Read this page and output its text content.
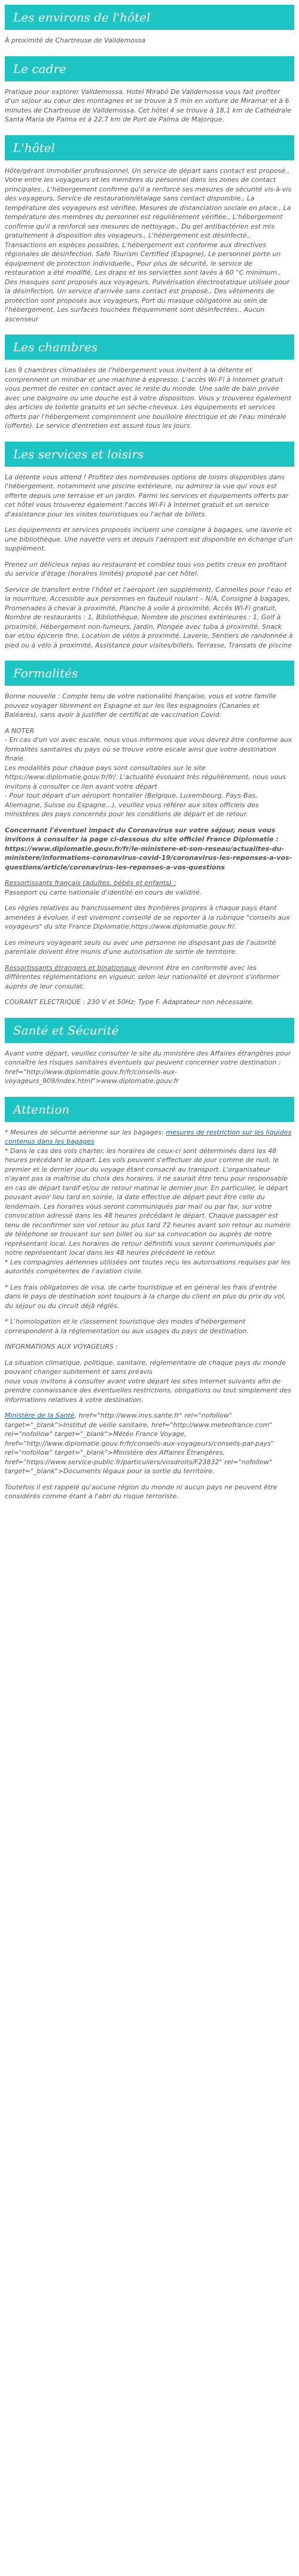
Les environs de l'hôtel

À proximité de Chartreuse de Valldemossa

Le cadre

Pratique pour explorer Valldemossa, Hotel Mirabó De Valldemossa vous fait profiter d'un séjour au cœur des montagnes et se trouve à 5 min en voiture de Miramar et à 6 minutes de Chartreuse de Valldemossa. Cet hôtel 4 se trouve à 18,1 km de Cathédrale Santa Maria de Palma et à 22,7 km de Port de Palma de Majorque.

L'hôtel

Hôte/gérant immobilier professionnel, Un service de départ sans contact est proposé., Votre entre les voyageurs et les membres du personnel dans les zones de contact principales., L'hébergement confirme qu'il a renforcé ses mesures de sécurité vis-à-vis des voyageurs, Service de restauration/étalage sans contact disponible., La température des voyageurs est vérifiée, Mesures de distanciation sociale en place., La température des membres du personnel est régulièrement vérifiée., L'hébergement confirme qu'il a renforcé ses mesures de nettoyage., Du gel antibactérien est mis gratuitement à disposition des voyageurs., L'hébergement est désinfecté., Transactions en espèces possibles, L'hébergement est conforme aux directives régionales de désinfection. Safe Tourism Certified (Espagne), Le personnel porte un équipement de protection individuelle., Pour plus de sécurité, le service de restauration a été modifié, Les draps et les serviettes sont lavés à 60 °C minimum., Des masques sont proposés aux voyageurs, Pulvérisation électrostatique utilisée pour la désinfection, Un service d'arrivée sans contact est proposé., Des vêtements de protection sont proposés aux voyageurs, Port du masque obligatoire au sein de l'hébergement, Les surfaces touchées fréquemment sont désinfectées., Aucun ascenseur

Les chambres

Les 9 chambres climatisées de l'hébergement vous invitent à la détente et comprennent un minibar et une machine à espresso. L'accès Wi-Fi à Internet gratuit vous permet de rester en contact avec le reste du monde. Une salle de bain privée avec une baignoire ou une douche est à votre disposition. Vous y trouverez également des articles de toilette gratuits et un sèche-cheveux. Les équipements et services offerts par l'hébergement comprennent une bouilloire électrique et de l'eau minérale (offerte). Le service d'entretien est assuré tous les jours.

Les services et loisirs

La détente vous attend ! Profitez des nombreuses options de loisirs disponibles dans l'hébergement, notamment une piscine extérieure, ou admirez la vue qui vous est offerte depuis une terrasse et un jardin. Parmi les services et équipements offerts par cet hôtel vous trouverez également l'accès Wi-Fi à Internet gratuit et un service d'assistance pour les visites touristiques ou l'achat de billets.

Les équipements et services proposés incluent une consigne à bagages, une laverie et une bibliothèque. Une navette vers et depuis l'aéroport est disponible en échange d'un supplément.

Prenez un délicieux repas au restaurant et comblez tous vos petits creux en profitant du service d'étage (horaires limités) proposé par cet hôtel.

Service de transfert entre l'hôtel et l'aéroport (en supplément), Cannelles pour l'eau et la nourriture, Accessible aux personnes en fauteuil roulant – N/A, Consigne à bagages, Promenades à cheval à proximité, Planche à voile à proximité, Accès Wi-Fi gratuit, Nombre de restaurants : 1, Bibliothèque, Nombre de piscines extérieures : 1, Golf à proximité, Hébergement non-fumeurs, Jardin, Plongée avec tuba à proximité, Snack bar et/ou épicerie fine, Location de vélos à proximité, Laverie, Sentiers de randonnée à pied ou à vélo à proximité, Assistance pour visites/billets, Terrasse, Transats de piscine

Formalités

Bonne nouvelle : Compte tenu de votre nationalité française, vous et votre famille pouvez voyager librement en Espagne et sur les îles espagnoles (Canaries et Baléares), sans avoir à justifier de certificat de vaccination Covid.

A NOTER
- En cas d'un vol avec escale, nous vous informons que vous devrez être conforme aux formalités sanitaires du pays où se trouve votre escale ainsi que votre destination finale.
Les modalités pour chaque pays sont consultables sur le site https://www.diplomatie.gouv.fr/fr/. L'actualité évoluant très régulièrement, nous vous invitons à consulter ce lien avant votre départ
- Pour tout départ d'un aéroport frontalier (Belgique, Luxembourg, Pays-Bas, Allemagne, Suisse ou Espagne...), veuillez vous référer aux sites officiels des ministères des pays concernés pour les conditions de départ et de retour.

Concernant l'éventuel impact du Coronavirus sur votre séjour, nous vous invitons à consulter la page ci-dessous du site officiel France Diplomatie : https://www.diplomatie.gouv.fr/fr/le-ministere-et-son-reseau/actualites-du-ministere/informations-coronavirus-covid-19/coronavirus-les-reponses-a-vos-questions/article/coronavirus-les-reponses-a-vos-questions

Ressortissants français (adultes, bébés et enfants) :
Passeport ou carte nationale d'identité en cours de validité.

Les règles relatives au franchissement des frontières propres à chaque pays étant amenées à évoluer, il est vivement conseillé de se reporter à la rubrique "conseils aux voyageurs" du site France Diplomatie,https://www.diplomatie.gouv.fr/.

Les mineurs voyageant seuls ou avec une personne ne disposant pas de l'autorité parentale doivent être munis d'une autorisation de sortie de territoire.

Ressortissants étrangers et binationaux devront être en conformité avec les différentes réglementations en vigueur, selon leur nationalité et devront s'informer auprès de leur consulat.

COURANT ELECTRIQUE : 230 V et 50Hz; Type F. Adaptateur non nécessaire.

Santé et Sécurité

Avant votre départ, veuillez consulter le site du ministère des Affaires étrangères pour connaître les risques sanitaires éventuels qui peuvent concerner votre destination : href="http://www.diplomatie.gouv.fr/fr/conseils-aux-voyageurs_909/index.html">www.diplomatie.gouv.fr

Attention

* Mesures de sécurité aérienne sur les bagages: mesures de restriction sur les liquides contenus dans les bagages
* Dans le cas des vols charter, les horaires de ceux-ci sont déterminés dans les 48 heures précédant le départ. Les vols peuvent s'effectuer de jour comme de nuit, le premier et le dernier jour du voyage étant consacré au transport. L'organisateur n'ayant pas la maîtrise du choix des horaires, il ne saurait être tenu pour responsable en cas de départ tardif et/ou de retour matinal le dernier jour. En particulier, le départ pouvant avoir lieu tard en soirée, la date effective de départ peut être celle du lendemain. Les horaires vous seront communiqués par mail ou par fax, sur votre convocation adressé dans les 48 heures précédant le départ. Chaque passager est tenu de reconfirmer son vol retour au plus tard 72 heures avant son retour au numéro de téléphone se trouvant sur son billet ou sur sa convocation ou auprès de notre représentant local. Les horaires de retour définitifs vous seront communiqués par notre représentant local dans les 48 heures précédent le retour.
* Les compagnies aériennes utilisées ont toutes reçu les autorisations requises par les autorités compétentes de l'aviation civile.

* Les frais obligatoires de visa, de carte touristique et en général les frais d'entrée dans le pays de destination sont toujours à la charge du client en plus du prix du vol, du séjour ou du circuit déjà réglés.

* L'homologation et le classement touristique des modes d'hébergement correspondent à la réglementation ou aux usages du pays de destination.

INFORMATIONS AUX VOYAGEURS :

La situation climatique, politique, sanitaire, réglementaire de chaque pays du monde pouvant changer subitement et sans préavis
nous vous invitons à consulter avant votre départ les sites Internet suivants afin de prendre connaissance des éventuelles restrictions, obligations ou tout simplement des informations relatives à votre destination.

Ministère de la Santé, href="http://www.invs.sante.fr" rel="nofollow" target="_blank">Institut de veille sanitaire, href="http://www.meteofrance.com" rel="nofollow" target="_blank">Météo France Voyage, href="http://www.diplomatie.gouv.fr/fr/conseils-aux-voyageurs/conseils-par-pays" rel="nofollow" target="_blank">Ministère des Affaires Étrangères, href="https://www.service-public.fr/particuliers/vosdroits/F23832" rel="nofollow" target="_blank">Documents légaux pour la sortie du territoire.

Toutefois il est rappelé qu'aucune région du monde ni aucun pays ne peuvent être considérés comme étant à l'abri du risque terroriste.
